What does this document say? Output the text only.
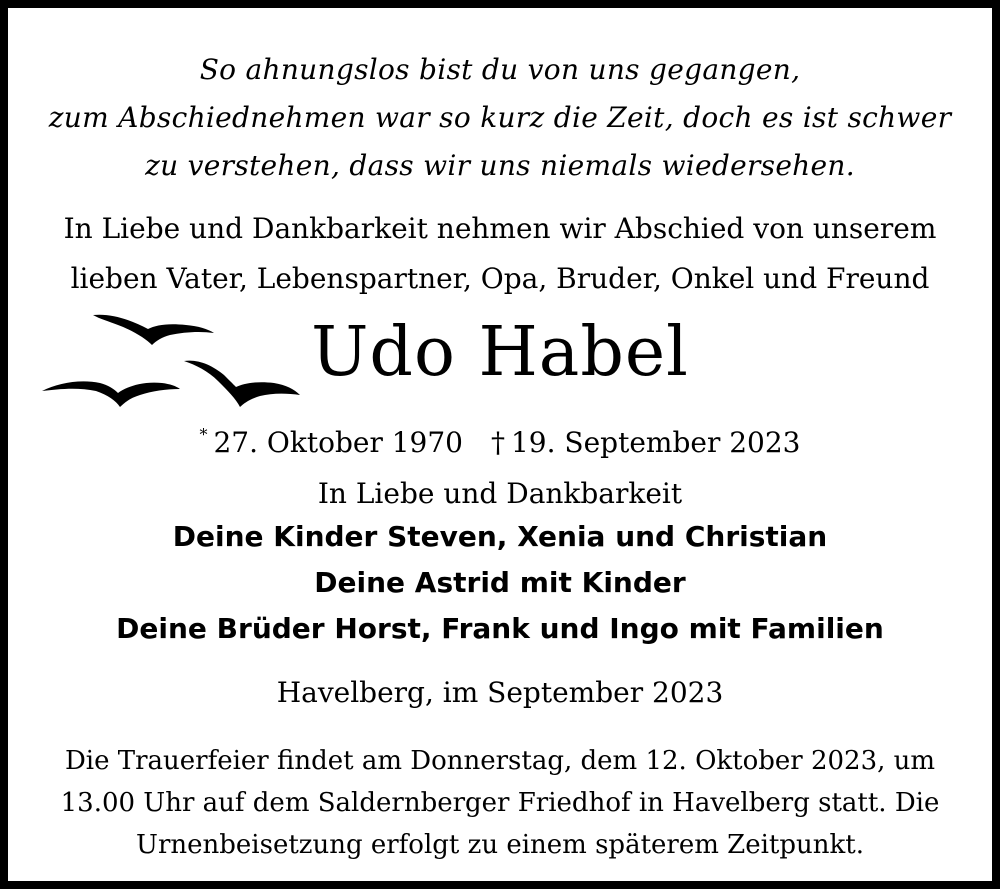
So ahnungslos bist du von uns gegangen,
zum Abschiednehmen war so kurz die Zeit, doch es ist schwer
zu verstehen, dass wir uns niemals wiedersehen.
In Liebe und Dankbarkeit nehmen wir Abschied von unserem
lieben Vater, Lebenspartner, Opa, Bruder, Onkel und Freund
Udo Habel
* 27. Oktober 1970 † 19. September 2023
In Liebe und Dankbarkeit
Deine Kinder Steven, Xenia und Christian
Deine Astrid mit Kinder
Deine Brüder Horst, Frank und Ingo mit Familien
Havelberg, im September 2023
Die Trauerfeier findet am Donnerstag, dem 12. Oktober 2023, um
13.00 Uhr auf dem Saldernberger Friedhof in Havelberg statt. Die
Urnenbeisetzung erfolgt zu einem späterem Zeitpunkt.
